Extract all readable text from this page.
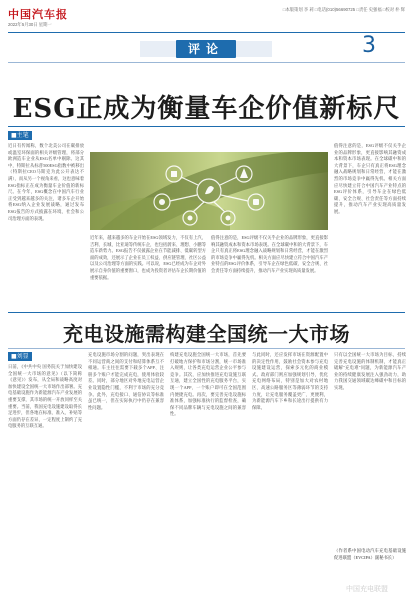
中国汽车报
2022年5月30日 星期一
□本版策划 李 莉 □电话(010)56690725 □责任 史强福 □校对 朴 辉
评论	3
ESG正成为衡量车企价值新标尺
■主笔
近日有传闻称，数个北美公司在碳排放或温室环保面的相关评级管理，将部分欧洲造车企业从ESG名单中剔除。这其中，特斯拉从标普500ESG指数中被移出（特斯拉CEO马斯克为此公开表达不满），而从另一个视角来看，这也意味着ESG指标正在成为衡量车企价值的新标尺。在今年，ESG概念在中国汽车行业正受到越来越多的关注，诸多车企开始将ESG纳入企业发展战略，通过发布ESG报告的方式披露在环境、社会和公司治理方面的表现。
近年来，越来越多的车企开始在ESG领域发力，不仅有上汽、吉利、长城、比亚迪等传统车企，也包括蔚来、理想、小鹏等造车新势力。ESG报告不仅披露企业在节能减排、低碳转型方面的成效，还展示了企业在员工权益、供应链管理、社区公益以及公司治理等方面的实践。可以说，ESG已经成为车企对外展示自身价值的重要窗口，也成为投资者评估车企长期价值的重要依据。
值得注意的是，ESG评级不仅关乎企业的品牌形象，更直接影响其融资成本和资本市场表现。在全球碳中和的大背景下，车企只有真正将ESG理念融入战略规划和日常经营，才能在激烈的市场竞争中赢得先机。相关方面应尽快建立符合中国汽车产业特点的ESG评价体系，引导车企在绿色低碳、安全合规、社会责任等方面持续提升，推动汽车产业实现高质量发展。
值得注意的是，ESG评级不仅关乎企业的品牌形象，更直接影响其融资成本和资本市场表现。在全球碳中和的大背景下，车企只有真正将ESG理念融入战略规划和日常经营，才能在激烈的市场竞争中赢得先机。相关方面应尽快建立符合中国汽车产业特点的ESG评价体系，引导车企在绿色低碳、安全合规、社会责任等方面持续提升，推动汽车产业实现高质量发展。
充电设施需构建全国统一大市场
■刘显
日前，《中共中央 国务院关于加快建设全国统一大市场的意见》（以下简称《意见》）发布，从全局和战略高度对加快建设全国统一大市场作出部署。充电基础设施作为新能源汽车产业发展的重要支撑，其市场的统一开放同样至关重要。当前，我国充电设施建设取得长足进步，但各地在标准、准入、补贴等方面仍存在差异，一定程度上制约了充电服务的互联互通。
充电设施市场分割的问题，突出表现在不同运营商之间的支付和结算体系互不相通。车主往往需要下载多个APP、注册多个账户才能完成充电，使用体验较差。同时，部分地区对外地充电运营企业设置隐性门槛，不利于市场的充分竞争。此外，充电接口、通信协议等标准虽已统一，但在实际执行中仍存在兼容性问题。
构建充电设施全国统一大市场，首先要打破地方保护和市场分割，统一市场准入规则，让各类充电运营企业公平参与竞争。其次，应加快推进充电设施互联互通，建立全国性的充电服务平台，实现一个APP、一个账户即可在全国范围内便捷充电。再次，要完善充电设施标准体系，加强标准执行的监督检查，确保不同品牌车辆与充电设施之间的兼容性。
与此同时，还应发挥市场在资源配置中的决定性作用，鼓励社会资本参与充电设施建设运营，探索多元化的商业模式。政府部门则应加强规划引导，优化充电网络布局，特别是加大对农村地区、高速公路服务区等薄弱环节的支持力度，让充电服务覆盖更广、更便利，为新能源汽车下乡和长途出行提供有力保障。
只有以全国统一大市场为目标，持续完善充电设施的体制机制，才能真正破解"充电难"问题，为新能源汽车产业的持续健康发展注入强劲动力，助力我国交通领域碳达峰碳中和目标的实现。
（作者系中国电动汽车充电基础设施促进联盟（EVCIPA）副秘书长）
中国充电联盟
